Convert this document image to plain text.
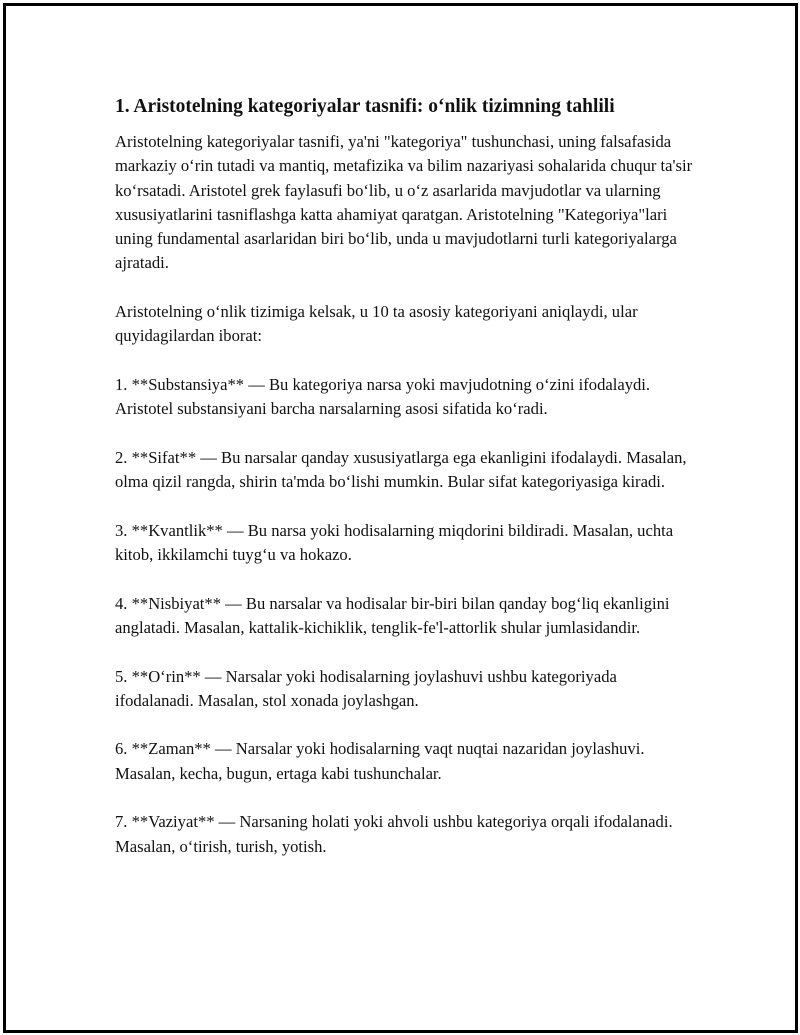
1. Aristotelning kategoriyalar tasnifi: oʻnlik tizimning tahlili

Aristotelning kategoriyalar tasnifi, ya'ni "kategoriya" tushunchasi, uning falsafasida markaziy oʻrin tutadi va mantiq, metafizika va bilim nazariyasi sohalarida chuqur ta'sir koʻrsatadi. Aristotel grek faylasufi boʻlib, u oʻz asarlarida mavjudotlar va ularning xususiyatlarini tasniflashga katta ahamiyat qaratgan. Aristotelning "Kategoriya"lari uning fundamental asarlaridan biri boʻlib, unda u mavjudotlarni turli kategoriyalarga ajratadi.

Aristotelning oʻnlik tizimiga kelsak, u 10 ta asosiy kategoriyani aniqlaydi, ular quyidagilardan iborat:

1. **Substansiya** — Bu kategoriya narsa yoki mavjudotning oʻzini ifodalaydi. Aristotel substansiyani barcha narsalarning asosi sifatida koʻradi.

2. **Sifat** — Bu narsalar qanday xususiyatlarga ega ekanligini ifodalaydi. Masalan, olma qizil rangda, shirin ta'mda boʻlishi mumkin. Bular sifat kategoriyasiga kiradi.

3. **Kvantlik** — Bu narsa yoki hodisalarning miqdorini bildiradi. Masalan, uchta kitob, ikkilamchi tuygʻu va hokazo.

4. **Nisbiyat** — Bu narsalar va hodisalar bir-biri bilan qanday bogʻliq ekanligini anglatadi. Masalan, kattalik-kichiklik, tenglik-fe'l-attorlik shular jumlasidandir.

5. **Oʻrin** — Narsalar yoki hodisalarning joylashuvi ushbu kategoriyada ifodalanadi. Masalan, stol xonada joylashgan.

6. **Zaman** — Narsalar yoki hodisalarning vaqt nuqtai nazaridan joylashuvi. Masalan, kecha, bugun, ertaga kabi tushunchalar.

7. **Vaziyat** — Narsaning holati yoki ahvoli ushbu kategoriya orqali ifodalanadi. Masalan, oʻtirish, turish, yotish.
